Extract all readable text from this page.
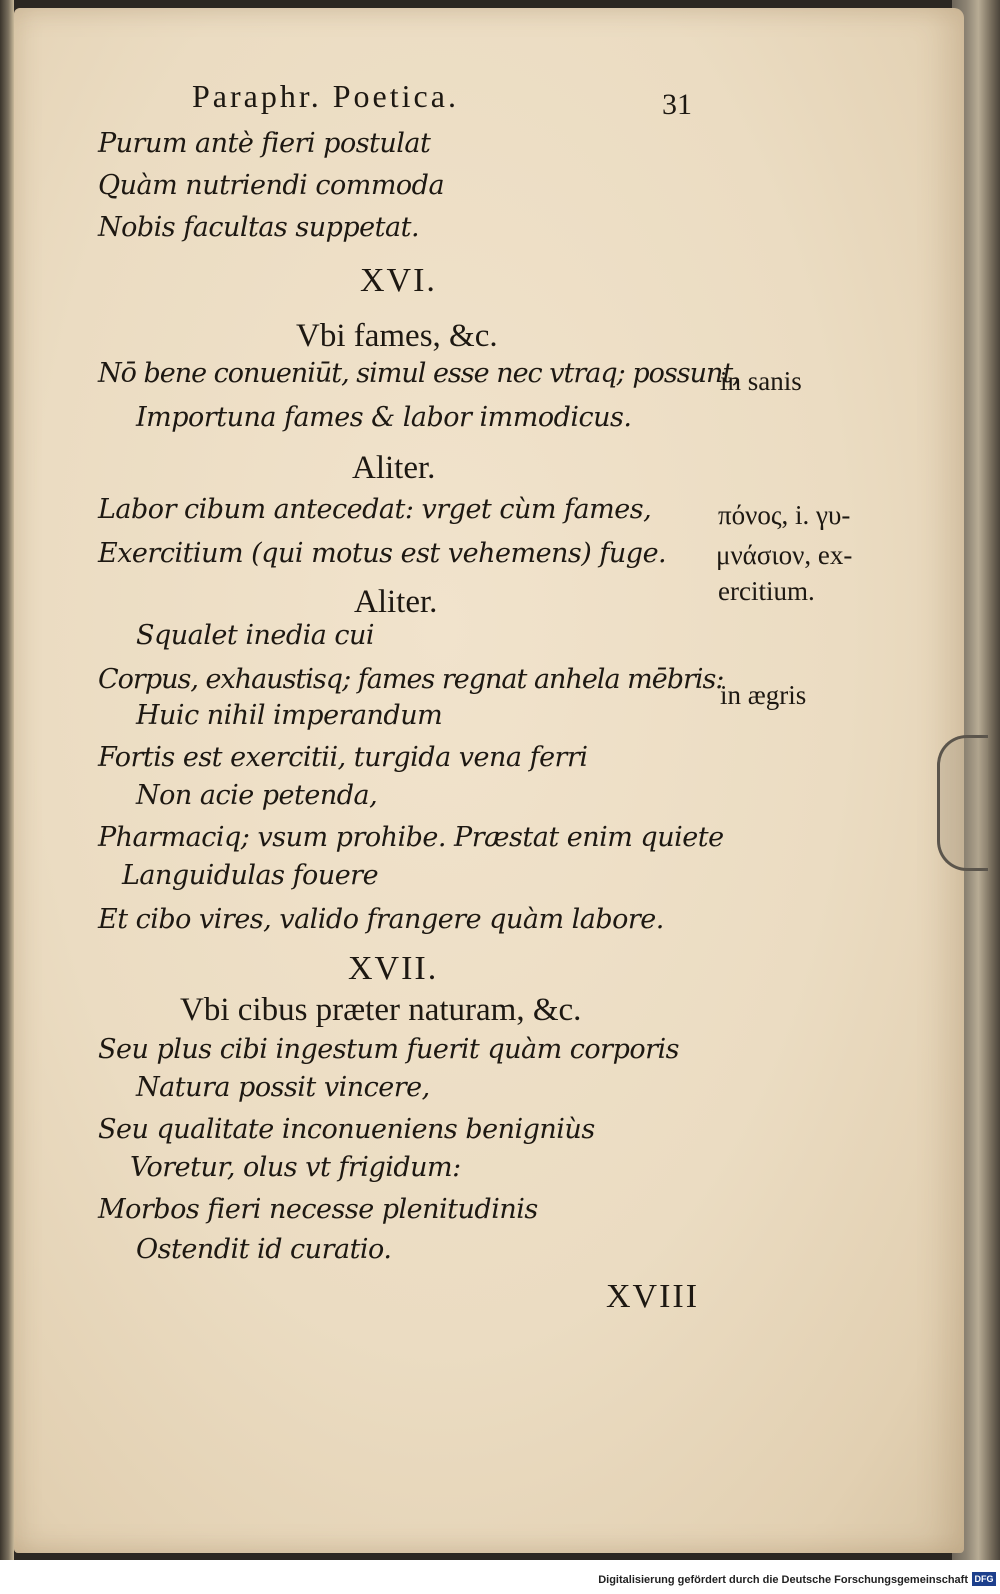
Paraphr. Poetica.	31
Purum antè fieri postulat
Quàm nutriendi commoda
Nobis facultas suppetat.
XVI.
Vbi fames, &c.
Nō bene conueniūt, simul esse nec vtraq; possunt,
in sanis
Importuna fames & labor immodicus.
Aliter.
Labor cibum antecedat: vrget cùm fames,
Exercitium (qui motus est vehemens) fuge.
πόνος, i. γυ-
μνάσιον, ex-
ercitium.
Aliter.
Squalet inedia cui
Corpus, exhaustisq; fames regnat anhela mēbris:
in ægris
Huic nihil imperandum
Fortis est exercitii, turgida vena ferri
Non acie petenda,
Pharmaciq; vsum prohibe. Præstat enim quiete
Languidulas fouere
Et cibo vires, valido frangere quàm labore.
XVII.
Vbi cibus præter naturam, &c.
Seu plus cibi ingestum fuerit quàm corporis
Natura possit vincere,
Seu qualitate inconueniens benigniùs
Voretur, olus vt frigidum:
Morbos fieri necesse plenitudinis
Ostendit id curatio.
XVIII
Digitalisierung gefördert durch die Deutsche Forschungsgemeinschaft DFG
